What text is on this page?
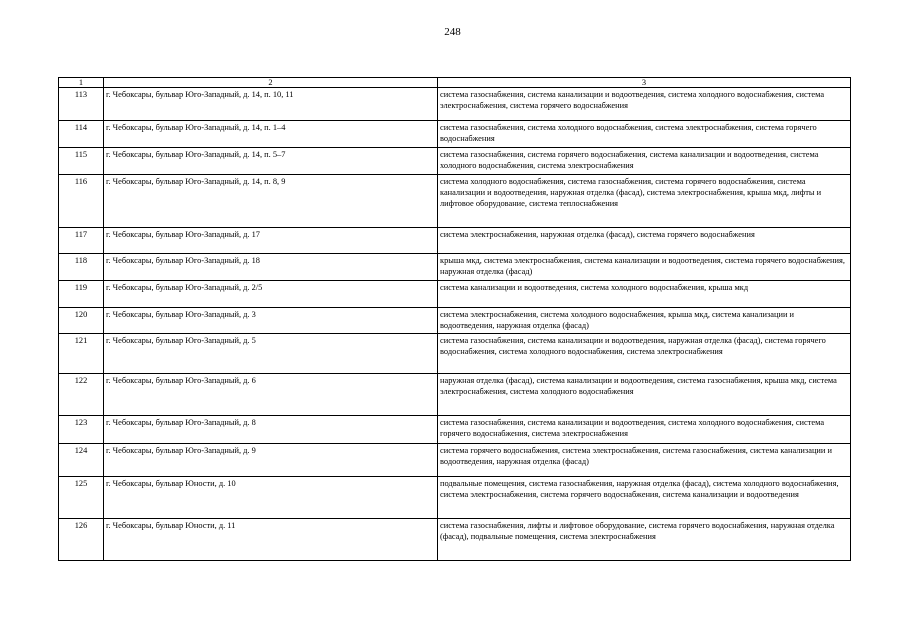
248
1	2	3
113	г. Чебоксары, бульвар Юго-Западный, д. 14, п. 10, 11	система газоснабжения, система канализации и водоотведения, система холодного водоснабжения, система электроснабжения, система горячего водоснабжения
114	г. Чебоксары, бульвар Юго-Западный, д. 14, п. 1–4	система газоснабжения, система холодного водоснабжения, система электроснабжения, система горячего водоснабжения
115	г. Чебоксары, бульвар Юго-Западный, д. 14, п. 5–7	система газоснабжения, система горячего водоснабжения, система канализации и водоотведения, система холодного водоснабжения, система электроснабжения
116	г. Чебоксары, бульвар Юго-Западный, д. 14, п. 8, 9	система холодного водоснабжения, система газоснабжения, система горячего водоснабжения, система канализации и водоотведения, наружная отделка (фасад), система электроснабжения, крыша мкд, лифты и лифтовое оборудование, система теплоснабжения
117	г. Чебоксары, бульвар Юго-Западный, д. 17	система электроснабжения, наружная отделка (фасад), система горячего водоснабжения
118	г. Чебоксары, бульвар Юго-Западный, д. 18	крыша мкд, система электроснабжения, система канализации и водоотведения, система горячего водоснабжения, наружная отделка (фасад)
119	г. Чебоксары, бульвар Юго-Западный, д. 2/5	система канализации и водоотведения, система холодного водоснабжения, крыша мкд
120	г. Чебоксары, бульвар Юго-Западный, д. 3	система электроснабжения, система холодного водоснабжения, крыша мкд, система канализации и водоотведения, наружная отделка (фасад)
121	г. Чебоксары, бульвар Юго-Западный, д. 5	система газоснабжения, система канализации и водоотведения, наружная отделка (фасад), система горячего водоснабжения, система холодного водоснабжения, система электроснабжения
122	г. Чебоксары, бульвар Юго-Западный, д. 6	наружная отделка (фасад), система канализации и водоотведения, система газоснабжения, крыша мкд, система электроснабжения, система холодного водоснабжения
123	г. Чебоксары, бульвар Юго-Западный, д. 8	система газоснабжения, система канализации и водоотведения, система холодного водоснабжения, система горячего водоснабжения, система электроснабжения
124	г. Чебоксары, бульвар Юго-Западный, д. 9	система горячего водоснабжения, система электроснабжения, система газоснабжения, система канализации и водоотведения, наружная отделка (фасад)
125	г. Чебоксары, бульвар Юности, д. 10	подвальные помещения, система газоснабжения, наружная отделка (фасад), система холодного водоснабжения, система электроснабжения, система горячего водоснабжения, система канализации и водоотведения
126	г. Чебоксары, бульвар Юности, д. 11	система газоснабжения, лифты и лифтовое оборудование, система горячего водоснабжения, наружная отделка (фасад), подвальные помещения, система электроснабжения
